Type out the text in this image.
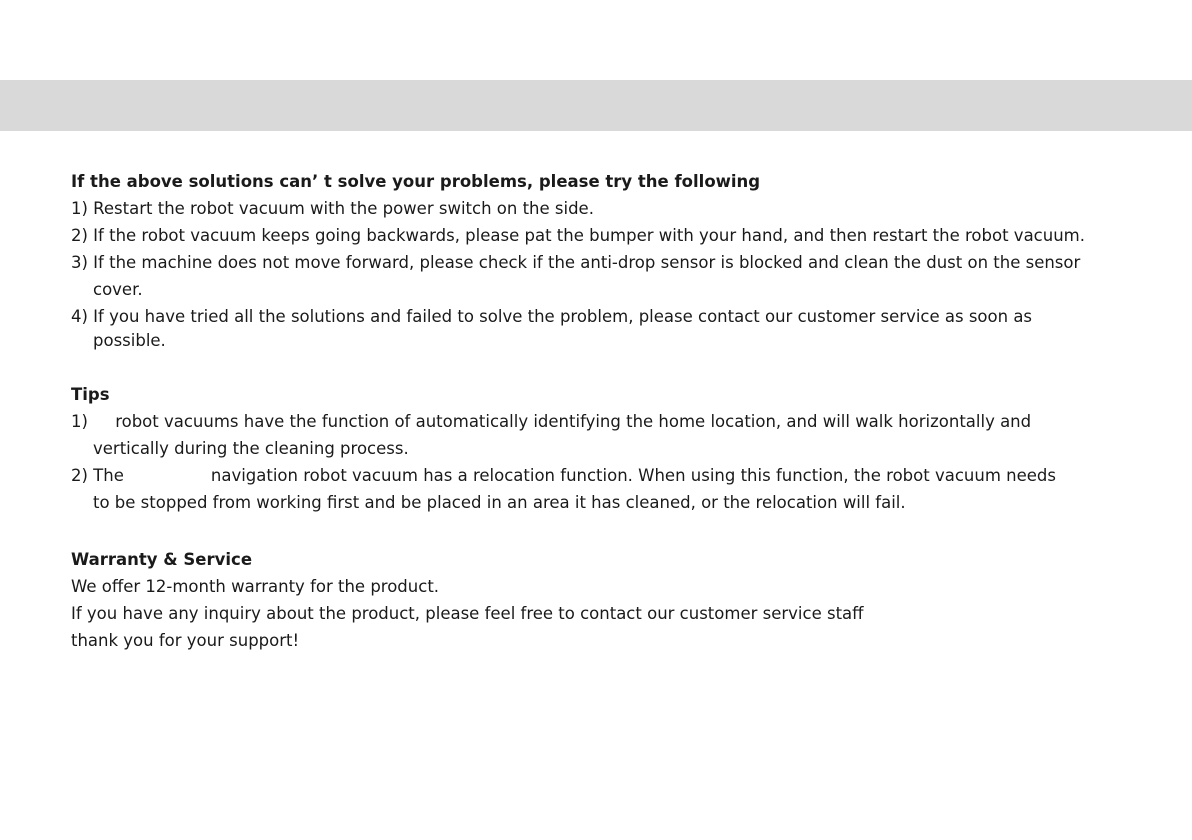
If the above solutions can’ t solve your problems, please try the following

1) Restart the robot vacuum with the power switch on the side.

2) If the robot vacuum keeps going backwards, please pat the bumper with your hand, and then restart the robot vacuum.

3) If the machine does not move forward, please check if the anti-drop sensor is blocked and clean the dust on the sensor
cover.
4) If you have tried all the solutions and failed to solve the problem, please contact our customer service as soon as
possible.

Tips

1) robot vacuums have the function of automatically identifying the home location, and will walk horizontally and
vertically during the cleaning process.
2) The	navigation robot vacuum has a relocation function. When using this function, the robot vacuum needs
to be stopped from working first and be placed in an area it has cleaned, or the relocation will fail.

Warranty & Service

We offer 12-month warranty for the product.

If you have any inquiry about the product, please feel free to contact our customer service staff

thank you for your support!
